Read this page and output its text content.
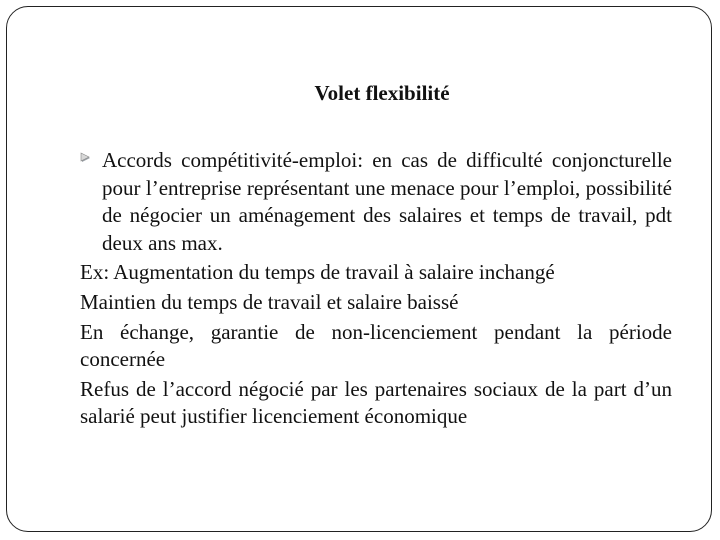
Volet flexibilité

Accords compétitivité-emploi: en cas de difficulté conjoncturelle pour l’entreprise représentant une menace pour l’emploi, possibilité de négocier un aménagement des salaires et temps de travail, pdt deux ans max.

Ex: Augmentation du temps de travail à salaire inchangé

Maintien du temps de travail et salaire baissé

En échange, garantie de non-licenciement pendant la période concernée

Refus de l’accord négocié par les partenaires sociaux de la part d’un salarié peut justifier licenciement économique
